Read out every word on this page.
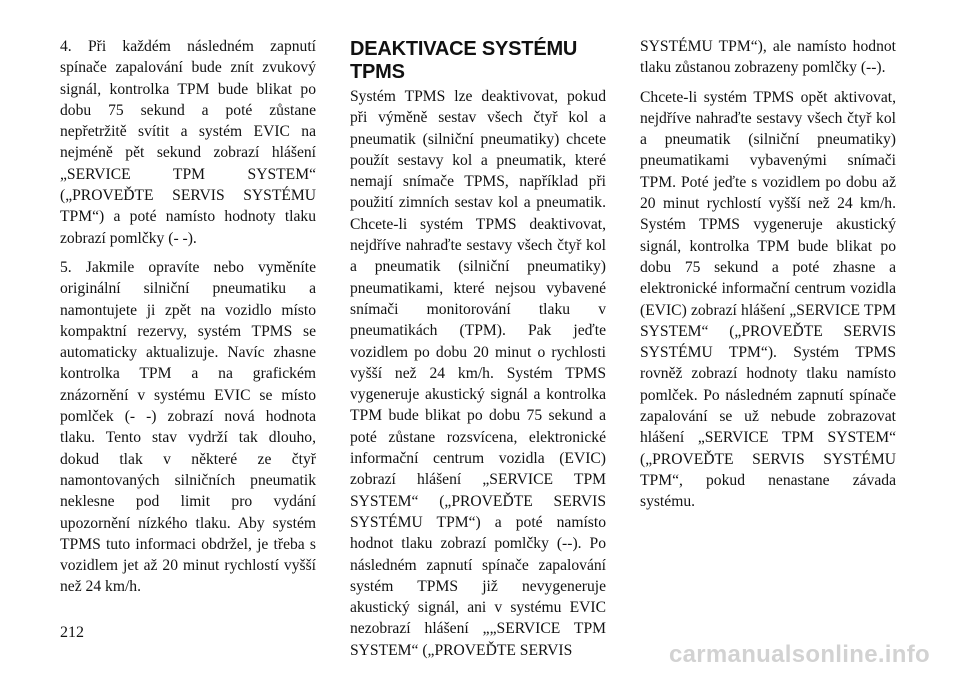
4. Při každém následném zapnutí spínače zapalování bude znít zvukový signál, kontrolka TPM bude blikat po dobu 75 sekund a poté zůstane nepřetržitě svítit a systém EVIC na nejméně pět sekund zobrazí hlášení „SERVICE TPM SYSTEM“ („PROVEĎTE SERVIS SYSTÉMU TPM“) a poté namísto hodnoty tlaku zobrazí pomlčky (- -).

5. Jakmile opravíte nebo vyměníte originální silniční pneumatiku a namontujete ji zpět na vozidlo místo kompaktní rezervy, systém TPMS se automaticky aktualizuje. Navíc zhasne kontrolka TPM a na grafickém znázornění v systému EVIC se místo pomlček (- -) zobrazí nová hodnota tlaku. Tento stav vydrží tak dlouho, dokud tlak v některé ze čtyř namontovaných silničních pneumatik neklesne pod limit pro vydání upozornění nízkého tlaku. Aby systém TPMS tuto informaci obdržel, je třeba s vozidlem jet až 20 minut rychlostí vyšší než 24 km/h.

DEAKTIVACE SYSTÉMU TPMS

Systém TPMS lze deaktivovat, pokud při výměně sestav všech čtyř kol a pneumatik (silniční pneumatiky) chcete použít sestavy kol a pneumatik, které nemají snímače TPMS, například při použití zimních sestav kol a pneumatik. Chcete-li systém TPMS deaktivovat, nejdříve nahraďte sestavy všech čtyř kol a pneumatik (silniční pneumatiky) pneumatikami, které nejsou vybavené snímači monitorování tlaku v pneumatikách (TPM). Pak jeďte vozidlem po dobu 20 minut o rychlosti vyšší než 24 km/h. Systém TPMS vygeneruje akustický signál a kontrolka TPM bude blikat po dobu 75 sekund a poté zůstane rozsvícena, elektronické informační centrum vozidla (EVIC) zobrazí hlášení „SERVICE TPM SYSTEM“ („PROVEĎTE SERVIS SYSTÉMU TPM“) a poté namísto hodnot tlaku zobrazí pomlčky (--). Po následném zapnutí spínače zapalování systém TPMS již nevygeneruje akustický signál, ani v systému EVIC nezobrazí hlášení „„SERVICE TPM SYSTEM“ („PROVEĎTE SERVIS

SYSTÉMU TPM“), ale namísto hodnot tlaku zůstanou zobrazeny pomlčky (--).

Chcete-li systém TPMS opět aktivovat, nejdříve nahraďte sestavy všech čtyř kol a pneumatik (silniční pneumatiky) pneumatikami vybavenými snímači TPM. Poté jeďte s vozidlem po dobu až 20 minut rychlostí vyšší než 24 km/h. Systém TPMS vygeneruje akustický signál, kontrolka TPM bude blikat po dobu 75 sekund a poté zhasne a elektronické informační centrum vozidla (EVIC) zobrazí hlášení „SERVICE TPM SYSTEM“ („PROVEĎTE SERVIS SYSTÉMU TPM“). Systém TPMS rovněž zobrazí hodnoty tlaku namísto pomlček. Po následném zapnutí spínače zapalování se už nebude zobrazovat hlášení „SERVICE TPM SYSTEM“ („PROVEĎTE SERVIS SYSTÉMU TPM“, pokud nenastane závada systému.

212
carmanualsonline.info
